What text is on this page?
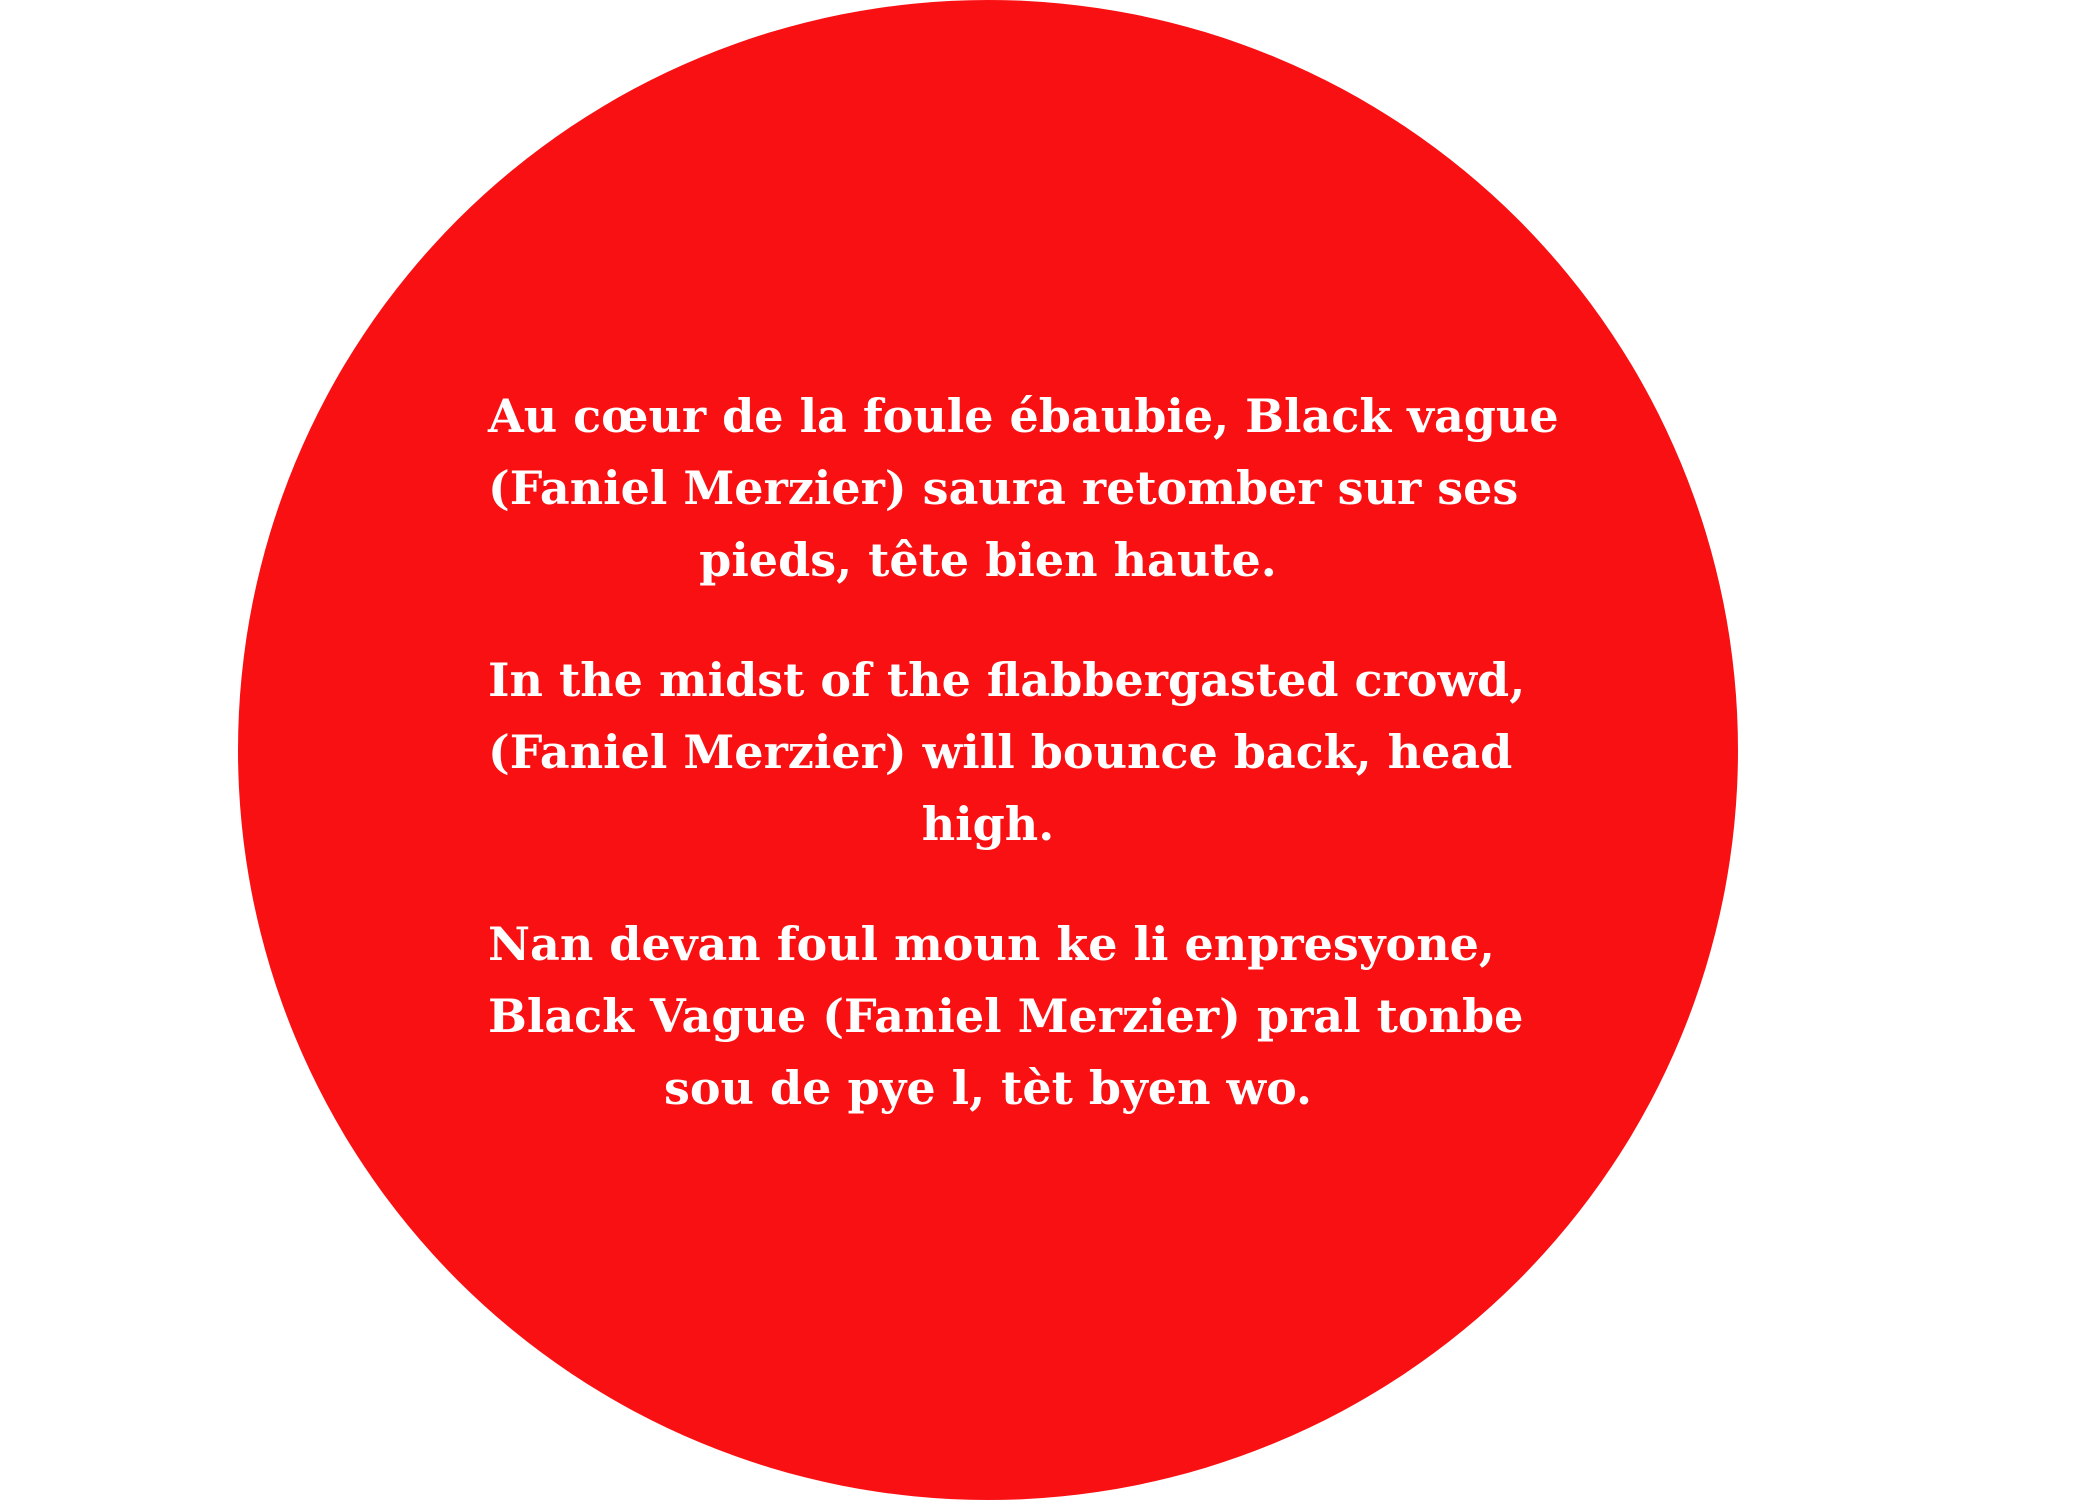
Au cœur de la foule ébaubie, Black vague
(Faniel Merzier) saura retomber sur ses
pieds, tête bien haute.

In the midst of the flabbergasted crowd,
(Faniel Merzier) will bounce back, head
high.

Nan devan foul moun ke li enpresyone,
Black Vague (Faniel Merzier) pral tonbe
sou de pye l, tèt byen wo.
